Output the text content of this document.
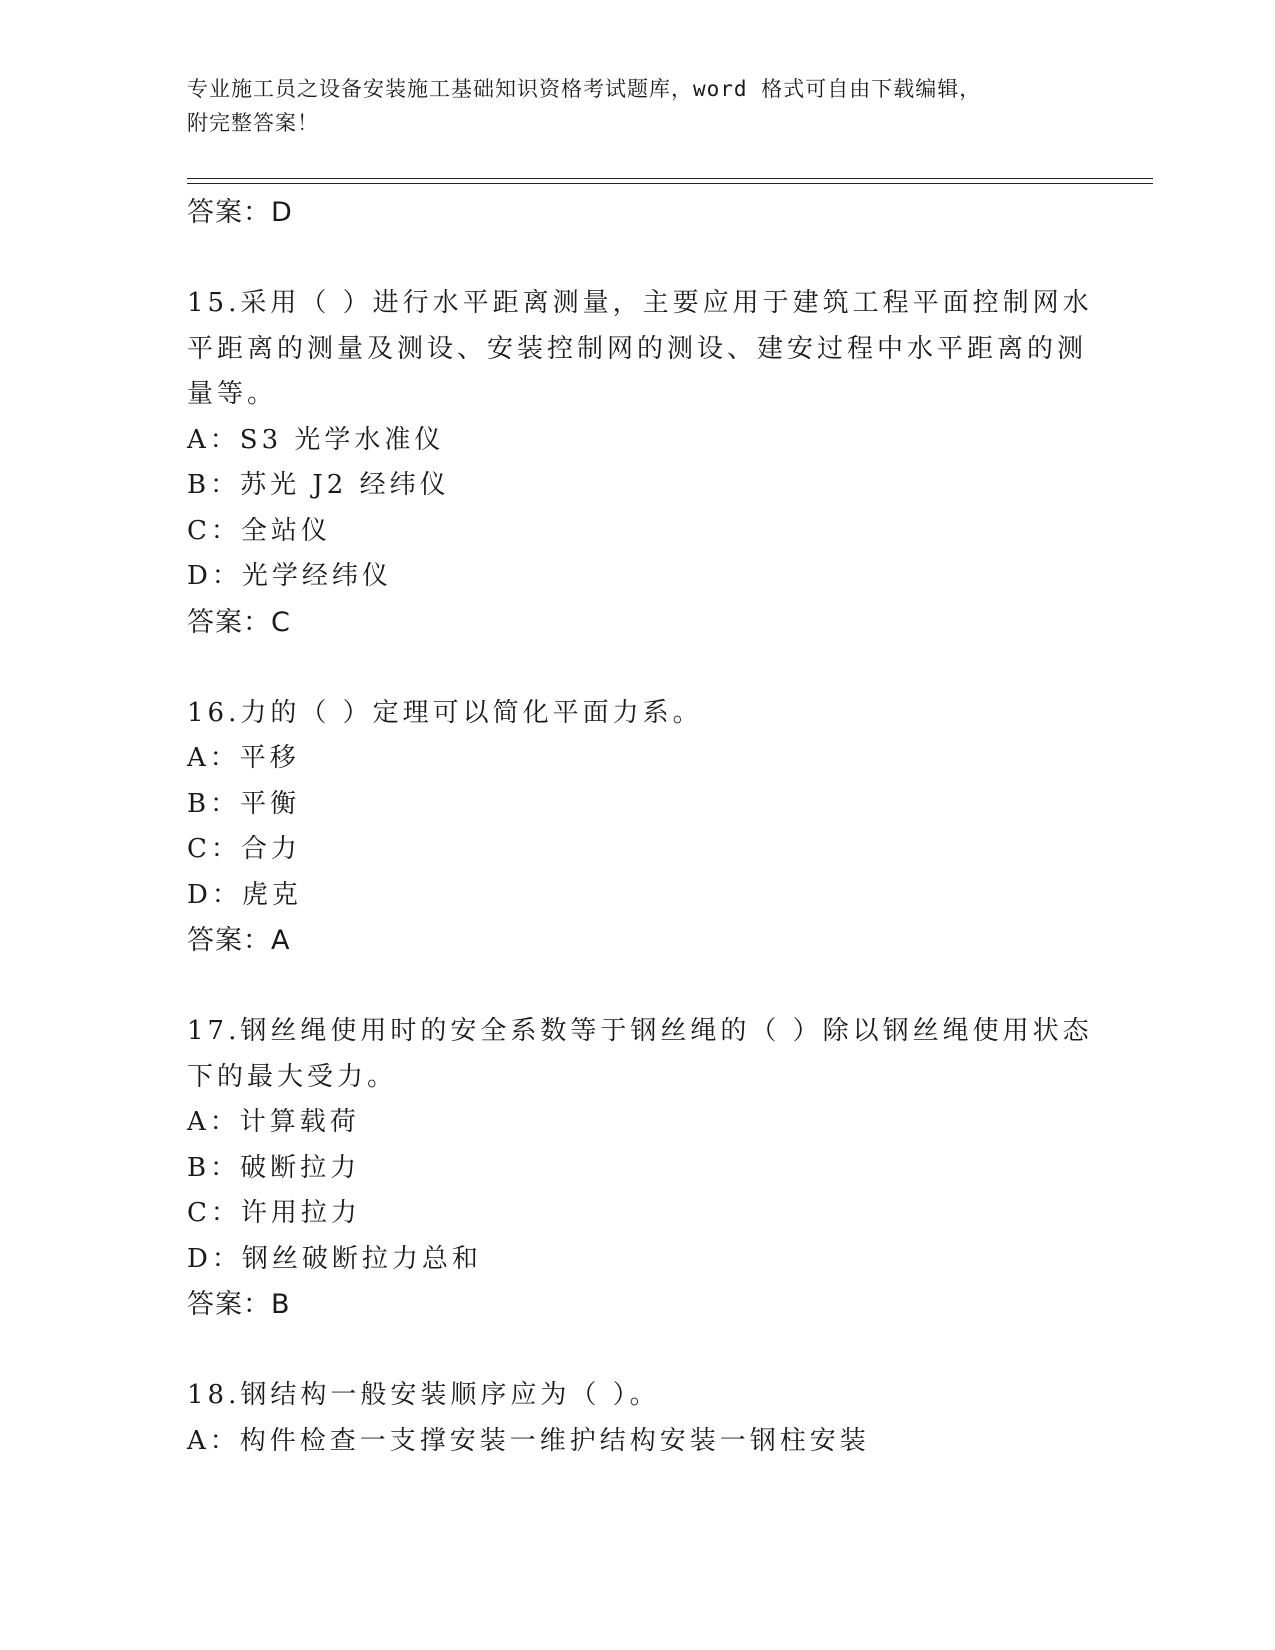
专业施工员之设备安装施工基础知识资格考试题库，word 格式可自由下载编辑，
附完整答案！
答案：D
15.采用（ ）进行水平距离测量，主要应用于建筑工程平面控制网水
平距离的测量及测设、安装控制网的测设、建安过程中水平距离的测
量等。
A：S3 光学水准仪
B：苏光 J2 经纬仪
C：全站仪
D：光学经纬仪
答案：C
16.力的（ ）定理可以简化平面力系。
A：平移
B：平衡
C：合力
D：虎克
答案：A
17.钢丝绳使用时的安全系数等于钢丝绳的（ ）除以钢丝绳使用状态
下的最大受力。
A：计算载荷
B：破断拉力
C：许用拉力
D：钢丝破断拉力总和
答案：B
18.钢结构一般安装顺序应为（ ）。
A：构件检查一支撑安装一维护结构安装一钢柱安装
